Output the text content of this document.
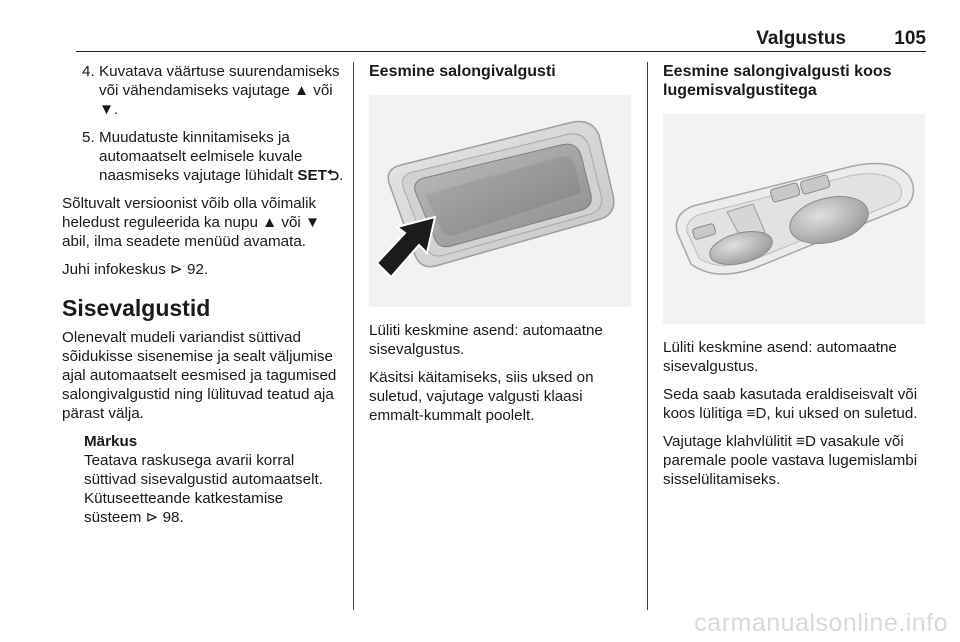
Valgustus	105
4. Kuvatava väärtuse suurendamiseks või vähendamiseks vajutage ▲ või ▼.
5. Muudatuste kinnitamiseks ja automaatselt eelmisele kuvale naasmiseks vajutage lühidalt SET⮌.

Sõltuvalt versioonist võib olla võimalik heledust reguleerida ka nupu ▲ või ▼ abil, ilma seadete menüüd avamata.

Juhi infokeskus ⊳ 92.

Sisevalgustid

Olenevalt mudeli variandist süttivad sõidukisse sisenemise ja sealt väljumise ajal automaatselt eesmised ja tagumised salongivalgustid ning lülituvad teatud aja pärast välja.

Märkus
Teatava raskusega avarii korral süttivad sisevalgustid automaatselt. Kütuseetteande katkestamise süsteem ⊳ 98.
Eesmine salongivalgusti

Lüliti keskmine asend: automaatne sisevalgustus.

Käsitsi käitamiseks, siis uksed on suletud, vajutage valgusti klaasi emmalt-kummalt poolelt.

Eesmine salongivalgusti koos lugemisvalgustitega

Lüliti keskmine asend: automaatne sisevalgustus.

Seda saab kasutada eraldiseisvalt või koos lülitiga ≡D, kui uksed on suletud.

Vajutage klahvlülitit ≡D vasakule või paremale poole vastava lugemislambi sisselülitamiseks.

carmanualsonline.info
